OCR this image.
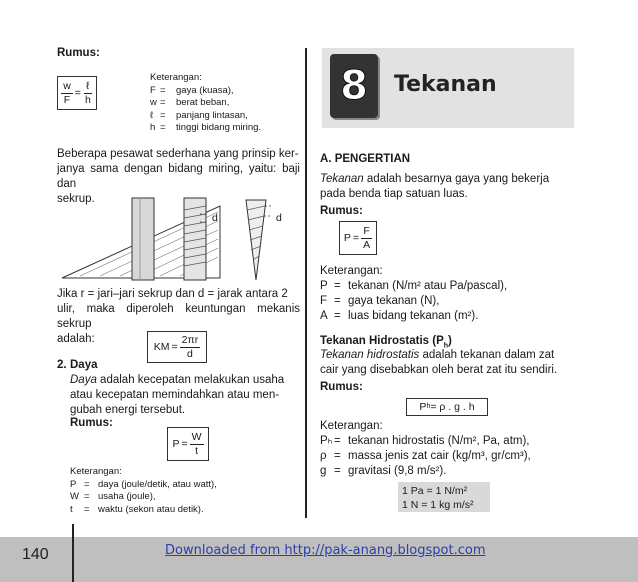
Rumus:
$\frac{w}{F} = \frac{\text{ℓ}}{h}$
Keterangan:
F =	gaya (kuasa),
w =	berat beban,
ℓ =	panjang lintasan,
h =	tinggi bidang miring.
Beberapa pesawat sederhana yang prinsip ker-
janya sama dengan bidang miring, yaitu: baji dan
sekrup.
d	d
Jika r = jari–jari sekrup dan d = jarak antara 2
ulir, maka diperoleh keuntungan mekanis sekrup
adalah:
KM = $\frac{2\pi r}{d}$
2. Daya
Daya adalah kecepatan melakukan usaha
atau kecepatan memindahkan atau men-
gubah energi tersebut.
Rumus:
$P = \frac{W}{t}$
Keterangan:
P = daya (joule/detik, atau watt),
W = usaha (joule),
t	= waktu (sekon atau detik).
8 Tekanan
A. PENGERTIAN
Tekanan adalah besarnya gaya yang bekerja
pada benda tiap satuan luas.
Rumus:
$P = \frac{F}{A}$
Keterangan:
P = tekanan (N/m² atau Pa/pascal),
F = gaya tekanan (N),
A = luas bidang tekanan (m²).
Tekanan Hidrostatis $(P_h)$
Tekanan hidrostatis adalah tekanan dalam zat
cair yang disebabkan oleh berat zat itu sendiri.
Rumus:
P h = ρ . g . h
Keterangan:
Pₕ = tekanan hidrostatis (N/m², Pa, atm),
ρ = massa jenis zat cair (kg/m³, gr/cm³),
g = gravitasi (9,8 m/s²).
1 Pa = 1 N/m²
1 N = 1 kg m/s²
140	Downloaded from http://pak-anang.blogspot.com
